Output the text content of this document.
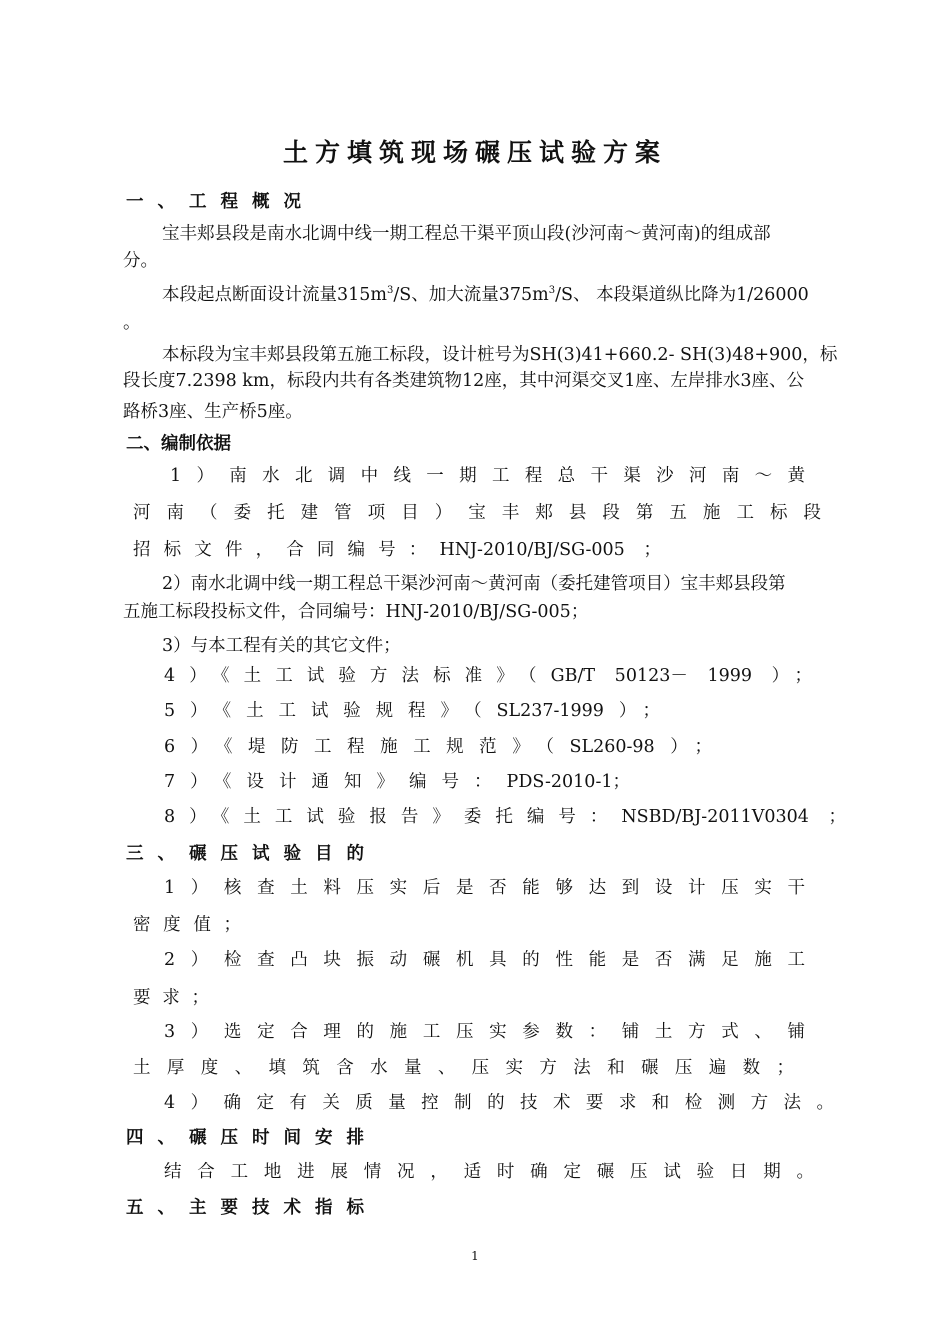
土方填筑现场碾压试验方案
一、工程概况
宝丰郏县段是南水北调中线一期工程总干渠平顶山段(沙河南～黄河南)的组成部
分。
本段起点断面设计流量$315m^3/S$、加大流量$375m^3/S$、 本段渠道纵比降为1/26000
。
本标段为宝丰郏县段第五施工标段，设计桩号为SH(3)41+660.2- SH(3)48+900，标
段长度7.2398 km，标段内共有各类建筑物12座，其中河渠交叉1座、左岸排水3座、公
路桥3座、生产桥5座。
二、编制依据
1）南水北调中线一期工程总干渠沙河南～黄
河南（委托建管项目）宝丰郏县段第五施工标段
招标文件，合同编号：HNJ-2010/BJ/SG-005 ；
2）南水北调中线一期工程总干渠沙河南～黄河南（委托建管项目）宝丰郏县段第
五施工标段投标文件，合同编号：HNJ-2010/BJ/SG-005；
3）与本工程有关的其它文件；
4）《土工试验方法标准》（GB/T 50123－ 1999 ）；
5）《土工试验规程》（SL237-1999）；
6）《堤防工程施工规范》（SL260-98）；
7）《设计通知》编号：PDS-2010-1；
8）《土工试验报告》委托编号：NSBD/BJ-2011V0304 ；
三、碾压试验目的
1）核查土料压实后是否能够达到设计压实干
密度值；
2）检查凸块振动碾机具的性能是否满足施工
要求；
3）选定合理的施工压实参数：铺土方式、铺
土厚度、填筑含水量、压实方法和碾压遍数；
4）确定有关质量控制的技术要求和检测方法。
四、碾压时间安排
结合工地进展情况，适时确定碾压试验日期。
五、主要技术指标
1
